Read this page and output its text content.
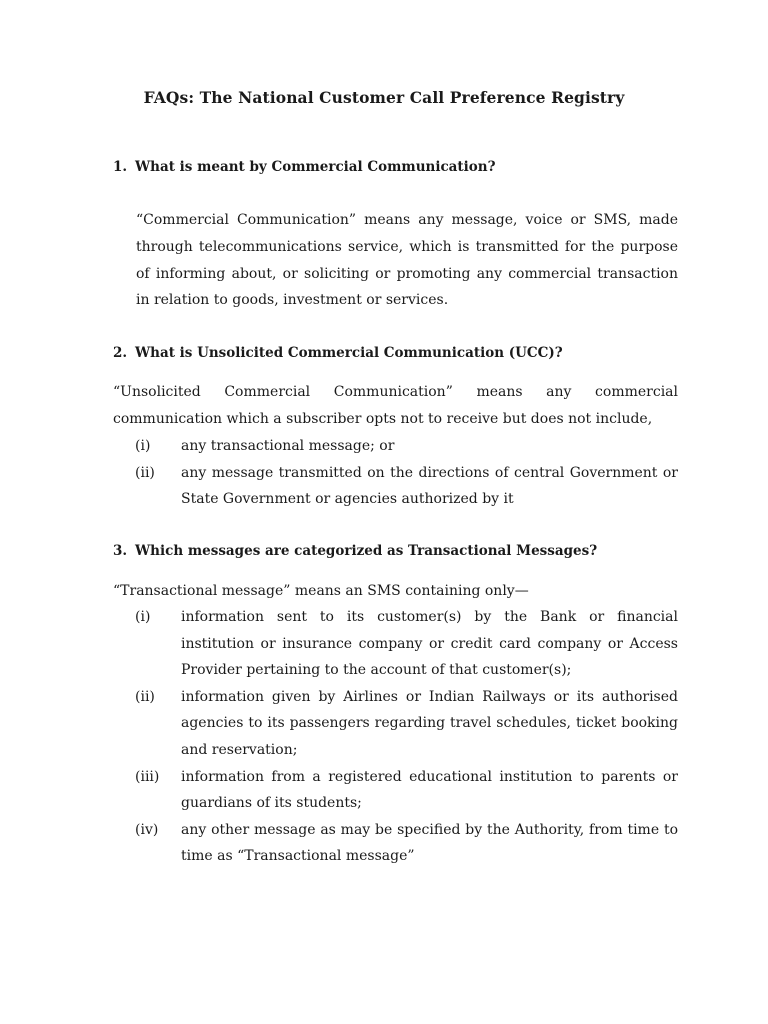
FAQs: The National Customer Call Preference Registry

1. What is meant by Commercial Communication?

“Commercial Communication” means any message, voice or SMS, made through telecommunications service, which is transmitted for the purpose of informing about, or soliciting or promoting any commercial transaction in relation to goods, investment or services.

2. What is Unsolicited Commercial Communication (UCC)?

“Unsolicited Commercial Communication” means any commercial communication which a subscriber opts not to receive but does not include,

(i)	any transactional message; or
(ii)	any message transmitted on the directions of central Government or State Government or agencies authorized by it

3. Which messages are categorized as Transactional Messages?

“Transactional message” means an SMS containing only—

(i)	information sent to its customer(s) by the Bank or financial institution or insurance company or credit card company or Access Provider pertaining to the account of that customer(s);
(ii)	information given by Airlines or Indian Railways or its authorised agencies to its passengers regarding travel schedules, ticket booking and reservation;
(iii)	information from a registered educational institution to parents or guardians of its students;
(iv)	any other message as may be specified by the Authority, from time to time as “Transactional message”
